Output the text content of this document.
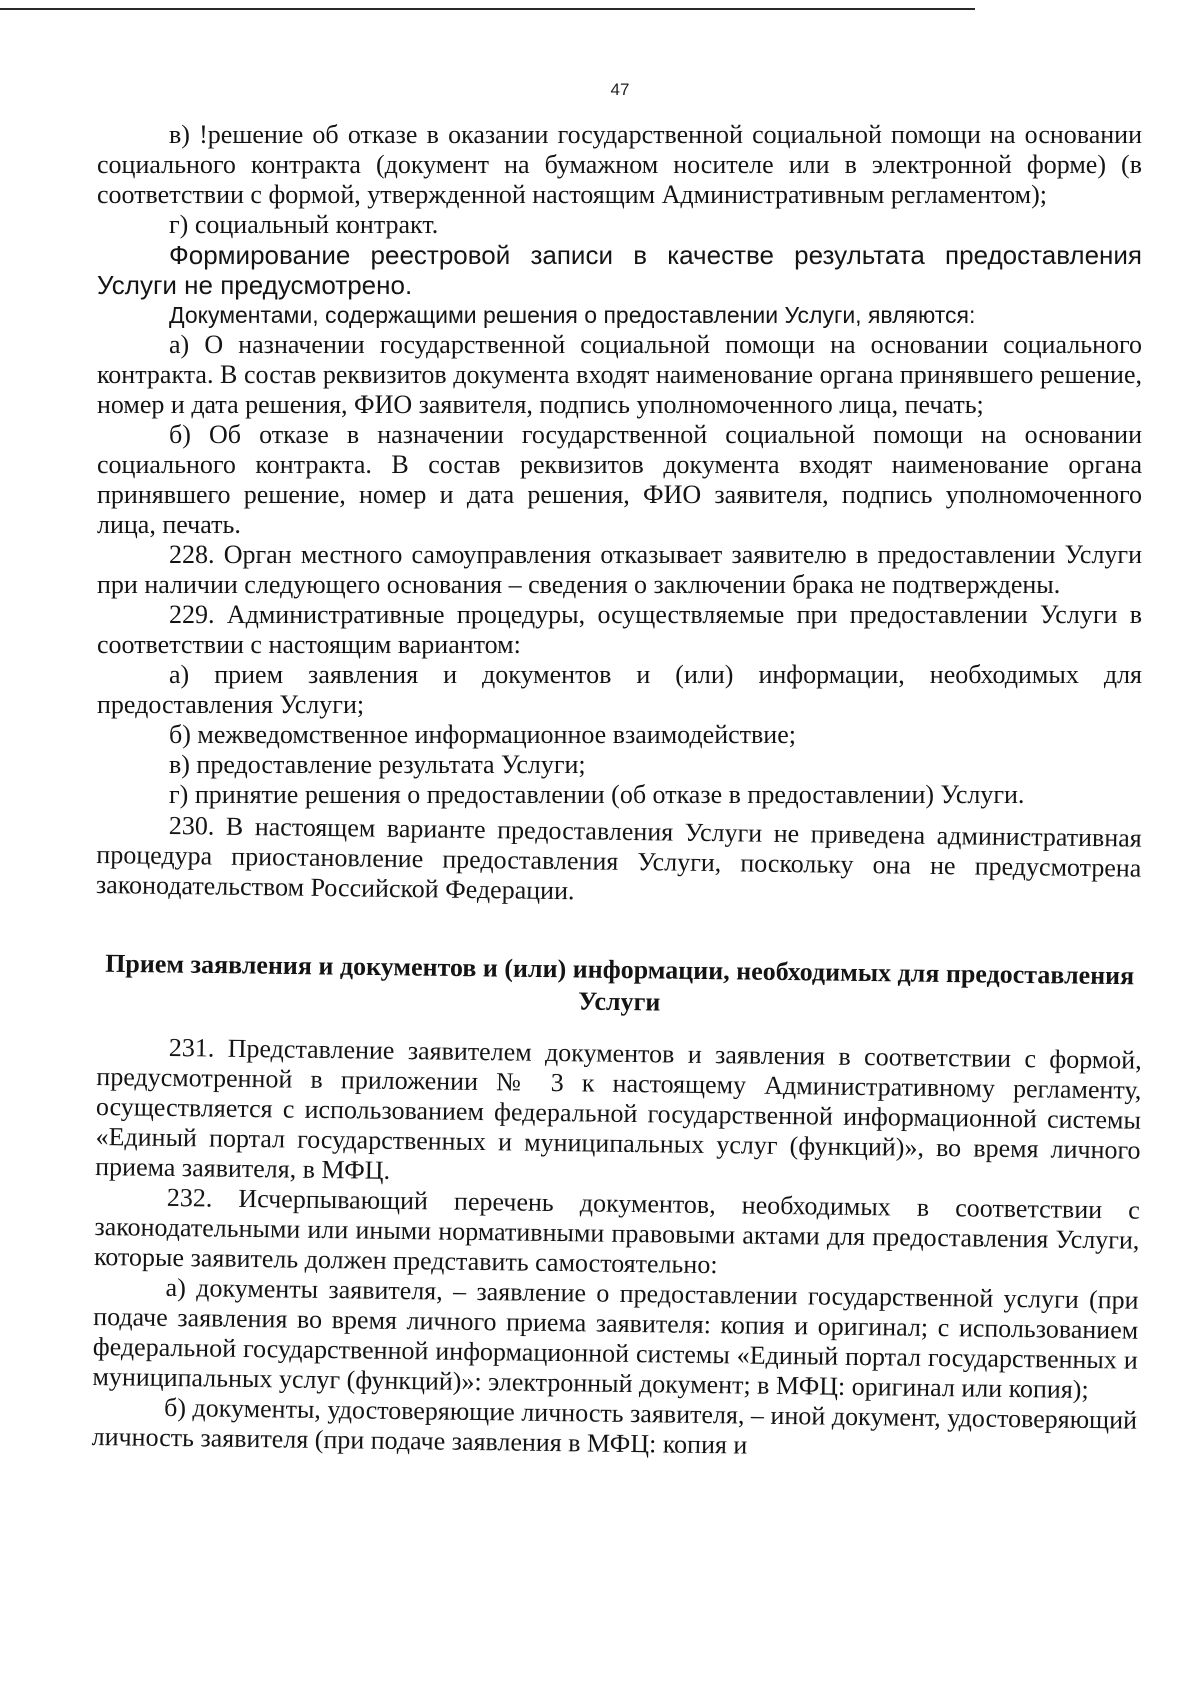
47

в) !решение об отказе в оказании государственной социальной помощи на основании социального контракта (документ на бумажном носителе или в электронной форме) (в соответствии с формой, утвержденной настоящим Административным регламентом);

г) социальный контракт.

Формирование реестровой записи в качестве результата предоставления Услуги не предусмотрено.

Документами, содержащими решения о предоставлении Услуги, являются:

а) О назначении государственной социальной помощи на основании социального контракта. В состав реквизитов документа входят наименование органа принявшего решение, номер и дата решения, ФИО заявителя, подпись уполномоченного лица, печать;

б) Об отказе в назначении государственной социальной помощи на основании социального контракта. В состав реквизитов документа входят наименование органа принявшего решение, номер и дата решения, ФИО заявителя, подпись уполномоченного лица, печать.

228. Орган местного самоуправления отказывает заявителю в предоставлении Услуги при наличии следующего основания – сведения о заключении брака не подтверждены.

229. Административные процедуры, осуществляемые при предоставлении Услуги в соответствии с настоящим вариантом:

а) прием заявления и документов и (или) информации, необходимых для предоставления Услуги;

б) межведомственное информационное взаимодействие;

в) предоставление результата Услуги;

г) принятие решения о предоставлении (об отказе в предоставлении) Услуги.

230. В настоящем варианте предоставления Услуги не приведена административная процедура приостановление предоставления Услуги, поскольку она не предусмотрена законодательством Российской Федерации.

Прием заявления и документов и (или) информации, необходимых для предоставления Услуги

231. Представление заявителем документов и заявления в соответствии с формой, предусмотренной в приложении № 3 к настоящему Административному регламенту, осуществляется с использованием федеральной государственной информационной системы «Единый портал государственных и муниципальных услуг (функций)», во время личного приема заявителя, в МФЦ.

232. Исчерпывающий перечень документов, необходимых в соответствии с законодательными или иными нормативными правовыми актами для предоставления Услуги, которые заявитель должен представить самостоятельно:

а) документы заявителя, – заявление о предоставлении государственной услуги (при подаче заявления во время личного приема заявителя: копия и оригинал; с использованием федеральной государственной информационной системы «Единый портал государственных и муниципальных услуг (функций)»: электронный документ; в МФЦ: оригинал или копия);

б) документы, удостоверяющие личность заявителя, – иной документ, удостоверяющий личность заявителя (при подаче заявления в МФЦ: копия и
